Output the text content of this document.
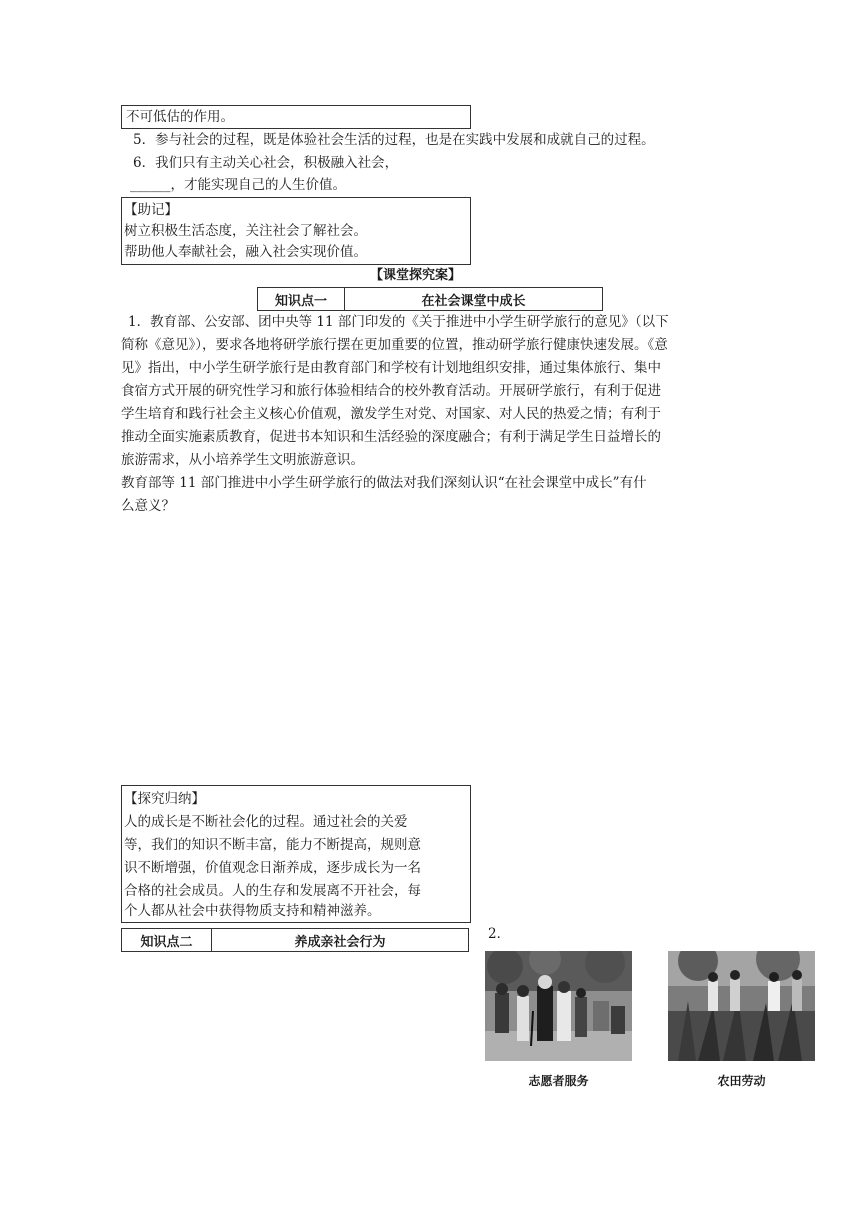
不可低估的作用。
5．参与社会的过程，既是体验社会生活的过程，也是在实践中发展和成就自己的过程。
6．我们只有主动关心社会，积极融入社会，
______，才能实现自己的人生价值。
【助记】
树立积极生活态度，关注社会了解社会。
帮助他人奉献社会，融入社会实现价值。
【课堂探究案】
知识点一	在社会课堂中成长
1．教育部、公安部、团中央等 11 部门印发的《关于推进中小学生研学旅行的意见》（以下
简称《意见》），要求各地将研学旅行摆在更加重要的位置，推动研学旅行健康快速发展。《意
见》指出，中小学生研学旅行是由教育部门和学校有计划地组织安排，通过集体旅行、集中
食宿方式开展的研究性学习和旅行体验相结合的校外教育活动。开展研学旅行，有利于促进
学生培育和践行社会主义核心价值观，激发学生对党、对国家、对人民的热爱之情；有利于
推动全面实施素质教育，促进书本知识和生活经验的深度融合；有利于满足学生日益增长的
旅游需求，从小培养学生文明旅游意识。
教育部等 11 部门推进中小学生研学旅行的做法对我们深刻认识“在社会课堂中成长”有什
么意义？
【探究归纳】
人的成长是不断社会化的过程。通过社会的关爱
等，我们的知识不断丰富，能力不断提高，规则意
识不断增强，价值观念日渐养成，逐步成长为一名
合格的社会成员。人的生存和发展离不开社会，每
个人都从社会中获得物质支持和精神滋养。
知识点二	养成亲社会行为	2．
志愿者服务	农田劳动
